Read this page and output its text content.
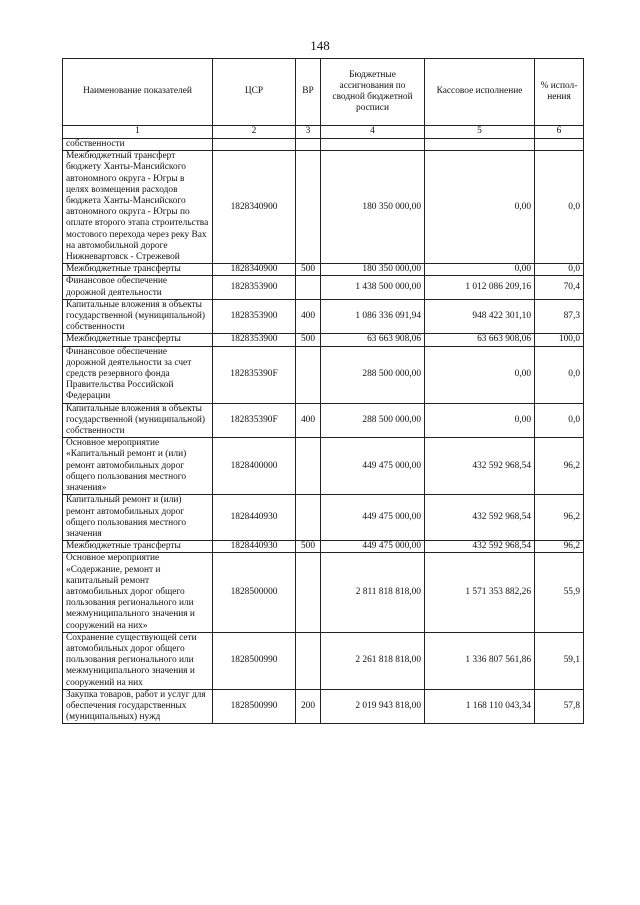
148
Наименование показателей	ЦСР	ВР	Бюджетные ассигнования по сводной бюджетной росписи	Кассовое исполнение	% испол-нения
1	2	3	4	5	6
собственности					
Межбюджетный трансферт бюджету Ханты-Мансийского автономного округа - Югры в целях возмещения расходов бюджета Ханты-Мансийского автономного округа - Югры по оплате второго этапа строительства мостового перехода через реку Вах на автомобильной дороге Нижневартовск - Стрежевой	1828340900		180 350 000,00	0,00	0,0
Межбюджетные трансферты	1828340900	500	180 350 000,00	0,00	0,0
Финансовое обеспечение дорожной деятельности	1828353900		1 438 500 000,00	1 012 086 209,16	70,4
Капитальные вложения в объекты государственной (муниципальной) собственности	1828353900	400	1 086 336 091,94	948 422 301,10	87,3
Межбюджетные трансферты	1828353900	500	63 663 908,06	63 663 908,06	100,0
Финансовое обеспечение дорожной деятельности за счет средств резервного фонда Правительства Российской Федерации	182835390F		288 500 000,00	0,00	0,0
Капитальные вложения в объекты государственной (муниципальной) собственности	182835390F	400	288 500 000,00	0,00	0,0
Основное мероприятие «Капитальный ремонт и (или) ремонт автомобильных дорог общего пользования местного значения»	1828400000		449 475 000,00	432 592 968,54	96,2
Капитальный ремонт и (или) ремонт автомобильных дорог общего пользования местного значения	1828440930		449 475 000,00	432 592 968,54	96,2
Межбюджетные трансферты	1828440930	500	449 475 000,00	432 592 968,54	96,2
Основное мероприятие «Содержание, ремонт и капитальный ремонт автомобильных дорог общего пользования регионального или межмуниципального значения и сооружений на них»	1828500000		2 811 818 818,00	1 571 353 882,26	55,9
Сохранение существующей сети автомобильных дорог общего пользования регионального или межмуниципального значения и сооружений на них	1828500990		2 261 818 818,00	1 336 807 561,86	59,1
Закупка товаров, работ и услуг для обеспечения государственных (муниципальных) нужд	1828500990	200	2 019 943 818,00	1 168 110 043,34	57,8
